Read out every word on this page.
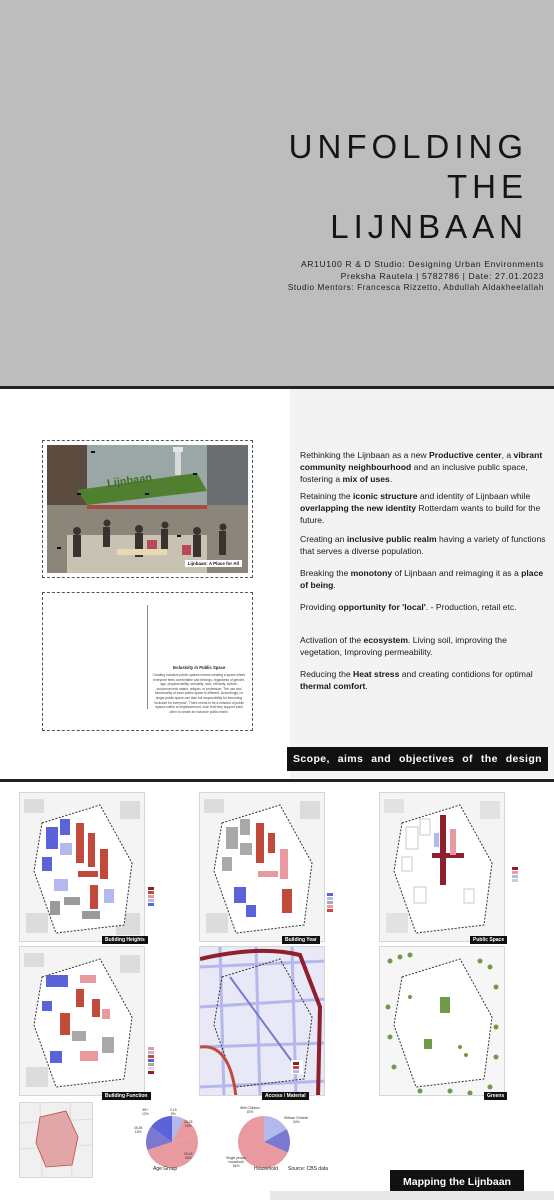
UNFOLDING
THE
LIJNBAAN
AR1U100 R & D Studio: Designing Urban Environments
Preksha Rautela | 5782786 | Date: 27.01.2023
Studio Mentors: Francesca Rizzetto, Abdullah Aldakheelallah
Lijnbaan
Lijnbaan: A Place for All
Inclusivity in Public Space
Creating inclusive public spaces means creating a space where everyone feels comfortable and belongs, regardless of gender, age, physical ability, sexuality, race, ethnicity, culture, socioeconomic status, religion, or profession. The use and functionality of each public space is different. Accordingly, no single public space can take full responsibility for becoming 'inclusive for everyone'. There needs to be a network of public spaces within a neighbourhood, such that they support each other to create an inclusive public realm.
Rethinking the Lijnbaan as a new Productive center, a vibrant community neighbourhood and an inclusive public space, fostering a mix of uses.
Retaining the iconic structure and identity of Lijnbaan while overlapping the new identity Rotterdam wants to build for the future.
Creating an inclusive public realm having a variety of functions that serves a diverse population.
Breaking the monotony of Lijnbaan and reimaging it as a place of being.
Providing opportunity for 'local'. - Production, retail etc.
Activation of the ecosystem. Living soil, improving the vegetation, Improving permeability.
Reducing the Heat stress and creating contidions for optimal thermal comfort.
Scope, aims and objectives of the design
Building Heights	Building Year	Public Space
Building Function	Access / Material	Greens
65+
12%
0-15
8%
15-25
15%
25-45
40%
45-65
18%
Age Group
With Children
15%
Without Children
24%
Single person
household
54%	Household Source: CBS data
Mapping the Lijnbaan
